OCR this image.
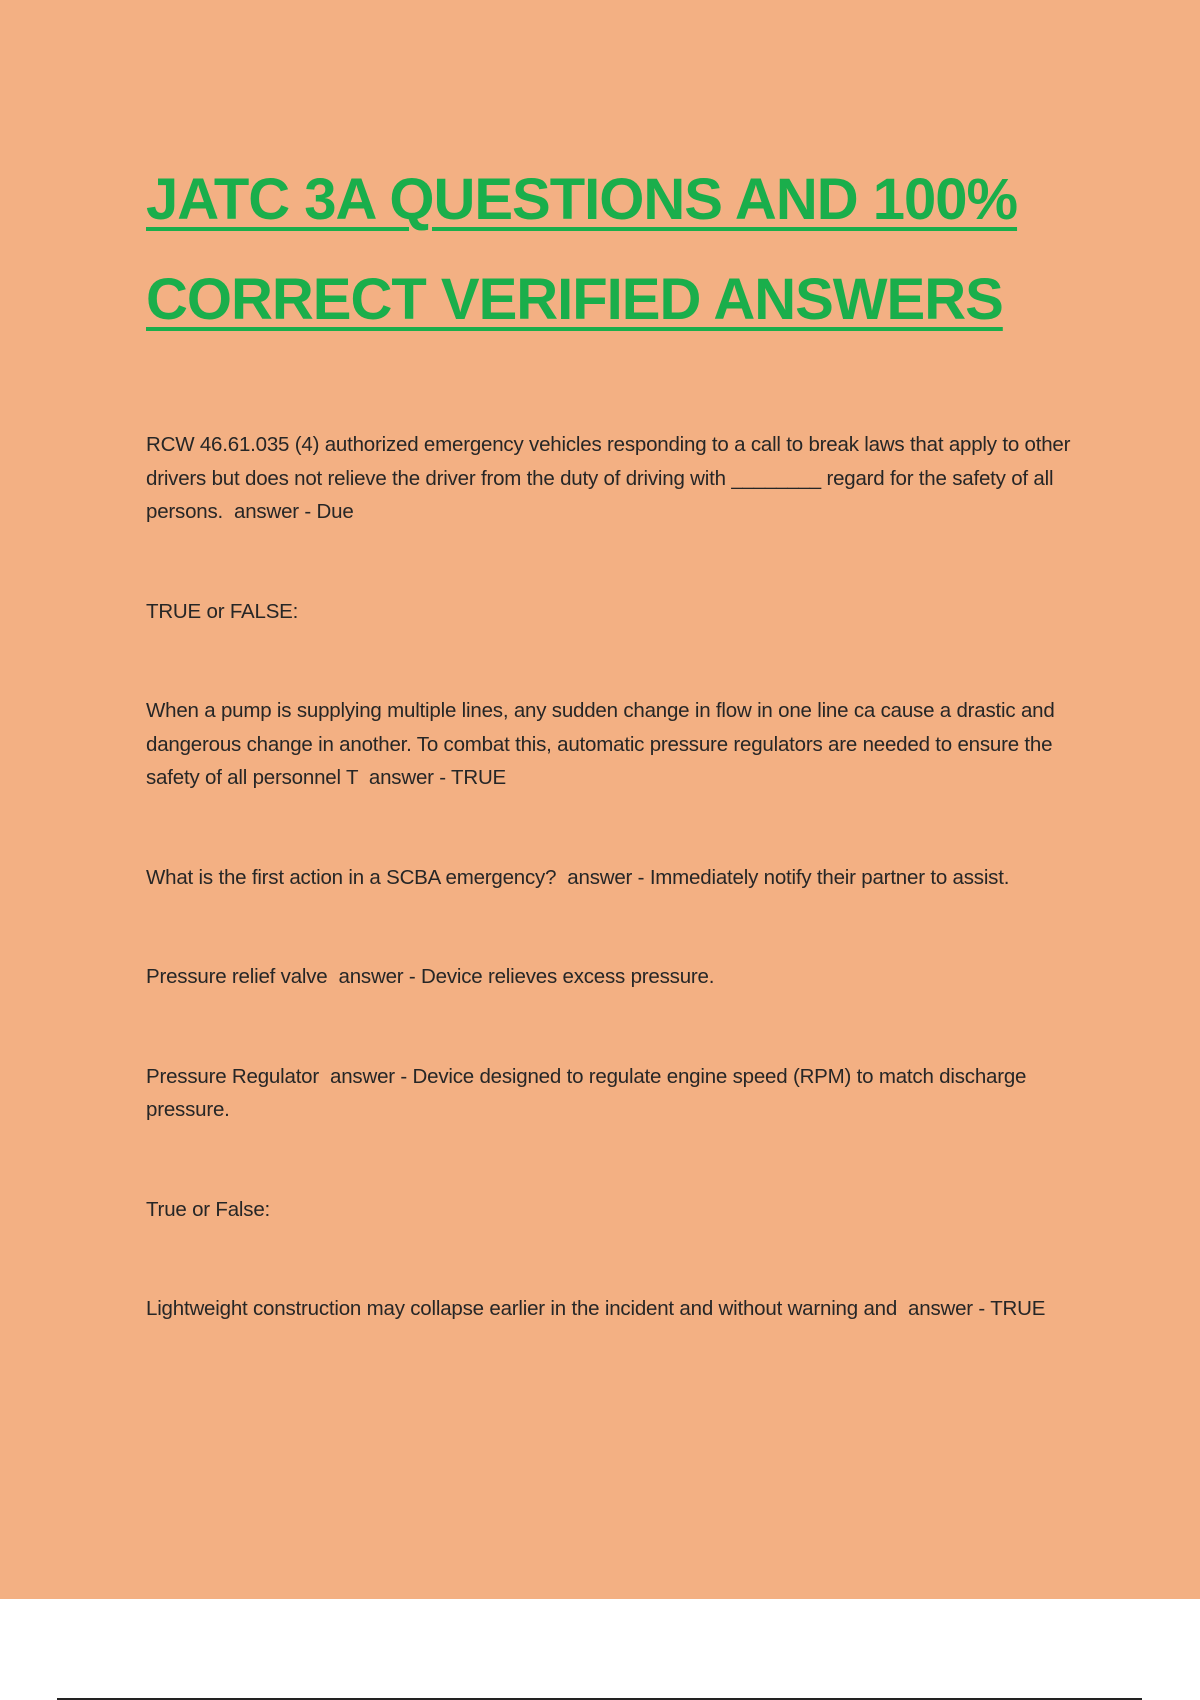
JATC 3A QUESTIONS AND 100%
CORRECT VERIFIED ANSWERS

RCW 46.61.035 (4) authorized emergency vehicles responding to a call to break laws that apply to other drivers but does not relieve the driver from the duty of driving with ________ regard for the safety of all persons.  answer - Due

TRUE or FALSE:

When a pump is supplying multiple lines, any sudden change in flow in one line ca cause a drastic and dangerous change in another. To combat this, automatic pressure regulators are needed to ensure the safety of all personnel T  answer - TRUE

What is the first action in a SCBA emergency?  answer - Immediately notify their partner to assist.

Pressure relief valve  answer - Device relieves excess pressure.

Pressure Regulator  answer - Device designed to regulate engine speed (RPM) to match discharge pressure.

True or False:

Lightweight construction may collapse earlier in the incident and without warning and  answer - TRUE
